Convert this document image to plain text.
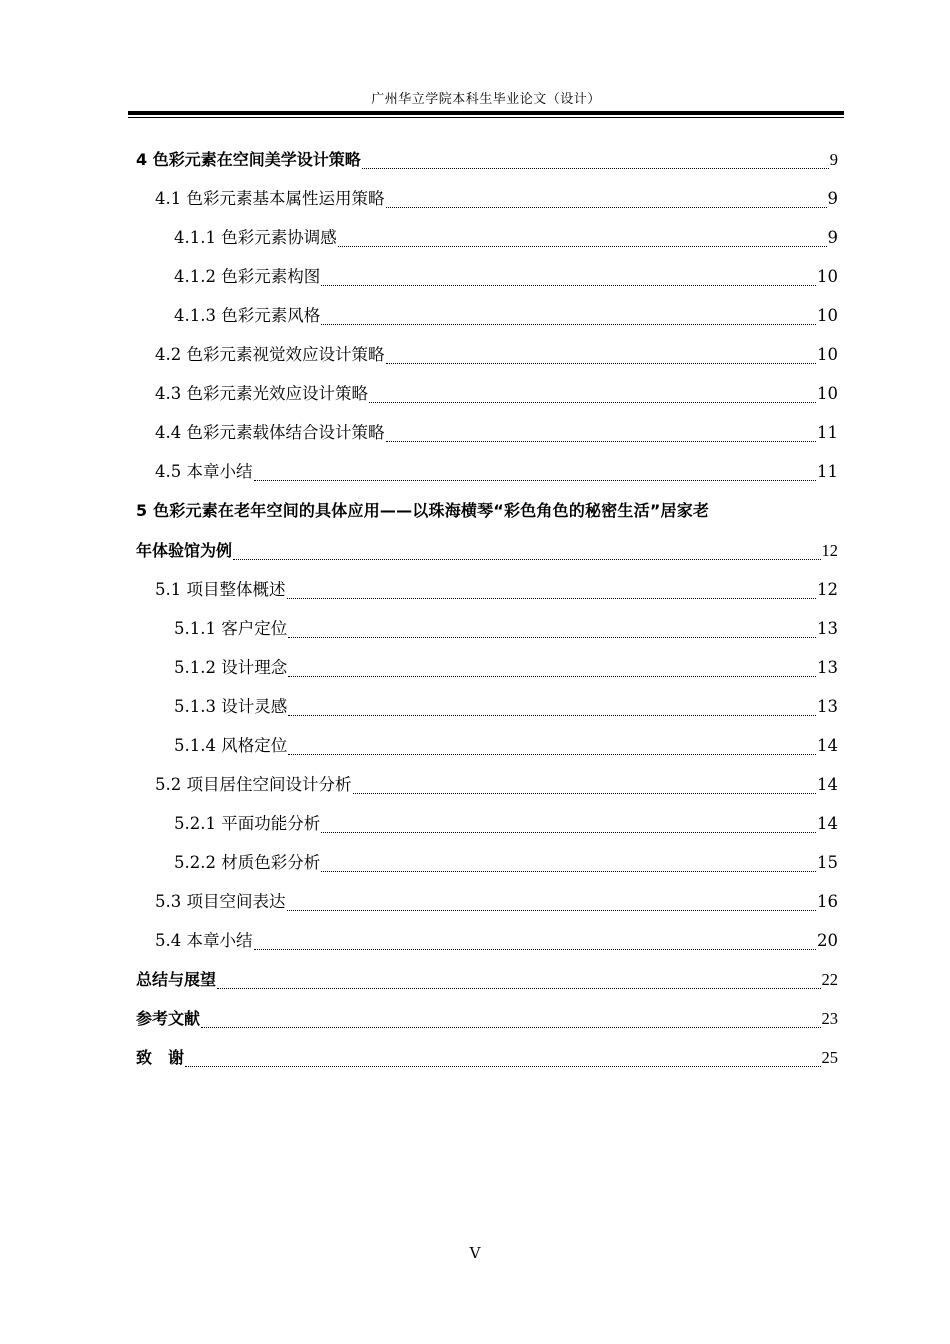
广州华立学院本科生毕业论文（设计）
4 色彩元素在空间美学设计策略	9
4.1 色彩元素基本属性运用策略	9
4.1.1 色彩元素协调感	9
4.1.2 色彩元素构图	10
4.1.3 色彩元素风格	10
4.2 色彩元素视觉效应设计策略	10
4.3 色彩元素光效应设计策略	10
4.4 色彩元素载体结合设计策略	11
4.5 本章小结	11
5 色彩元素在老年空间的具体应用——以珠海横琴“彩色角色的秘密生活”居家老
年体验馆为例	12
5.1 项目整体概述	12
5.1.1 客户定位	13
5.1.2 设计理念	13
5.1.3 设计灵感	13
5.1.4 风格定位	14
5.2 项目居住空间设计分析	14
5.2.1 平面功能分析	14
5.2.2 材质色彩分析	15
5.3 项目空间表达	16
5.4 本章小结	20
总结与展望	22
参考文献	23
致　谢	25
V
